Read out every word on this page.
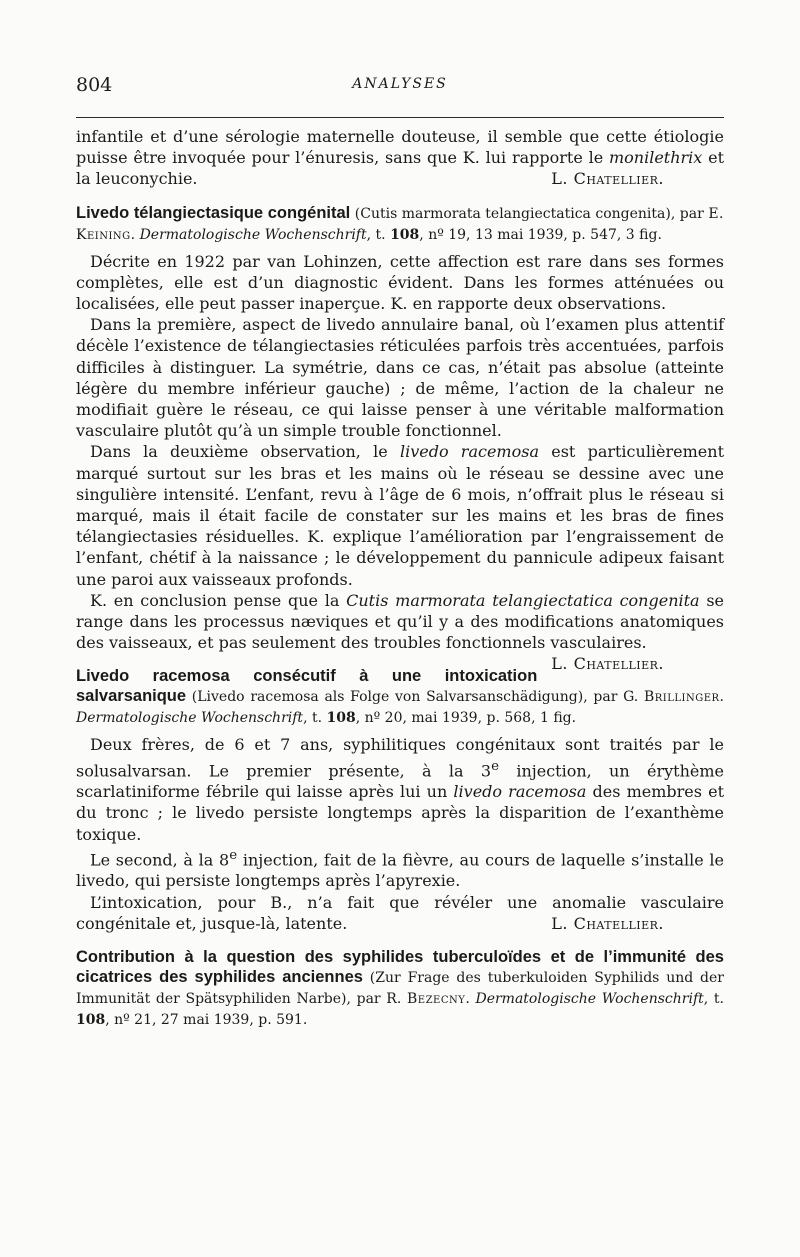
804	ANALYSES

infantile et d’une sérologie maternelle douteuse, il semble que cette étiologie puisse être invoquée pour l’énuresis, sans que K. lui rapporte le monilethrix et la leuconychie.	L. Chatellier.

Livedo télangiectasique congénital (Cutis marmorata telangiectatica congenita), par E. Keining. Dermatologische Wochenschrift, t. 108, nº 19, 13 mai 1939, p. 547, 3 fig.

Décrite en 1922 par van Lohinzen, cette affection est rare dans ses formes complètes, elle est d’un diagnostic évident. Dans les formes atténuées ou localisées, elle peut passer inaperçue. K. en rapporte deux observations.

Dans la première, aspect de livedo annulaire banal, où l’examen plus attentif décèle l’existence de télangiectasies réticulées parfois très accentuées, parfois difficiles à distinguer. La symétrie, dans ce cas, n’était pas absolue (atteinte légère du membre inférieur gauche) ; de même, l’action de la chaleur ne modifiait guère le réseau, ce qui laisse penser à une véritable malformation vasculaire plutôt qu’à un simple trouble fonctionnel.

Dans la deuxième observation, le livedo racemosa est particulièrement marqué surtout sur les bras et les mains où le réseau se dessine avec une singulière intensité. L’enfant, revu à l’âge de 6 mois, n’offrait plus le réseau si marqué, mais il était facile de constater sur les mains et les bras de fines télangiectasies résiduelles. K. explique l’amélioration par l’engraissement de l’enfant, chétif à la naissance ; le développement du pannicule adipeux faisant une paroi aux vaisseaux profonds.

K. en conclusion pense que la Cutis marmorata telangiectatica congenita se range dans les processus næviques et qu’il y a des modifications anatomiques des vaisseaux, et pas seulement des troubles fonctionnels vasculaires.
L. Chatellier.

Livedo racemosa consécutif à une intoxication salvarsanique (Livedo racemosa als Folge von Salvarsanschädigung), par G. Brillinger. Dermatologische Wochenschrift, t. 108, nº 20, mai 1939, p. 568, 1 fig.

Deux frères, de 6 et 7 ans, syphilitiques congénitaux sont traités par le solusalvarsan. Le premier présente, à la 3e injection, un érythème scarlatiniforme fébrile qui laisse après lui un livedo racemosa des membres et du tronc ; le livedo persiste longtemps après la disparition de l’exanthème toxique.

Le second, à la 8e injection, fait de la fièvre, au cours de laquelle s’installe le livedo, qui persiste longtemps après l’apyrexie.

L’intoxication, pour B., n’a fait que révéler une anomalie vasculaire congénitale et, jusque-là, latente.	L. Chatellier.

Contribution à la question des syphilides tuberculoïdes et de l’immunité des cicatrices des syphilides anciennes (Zur Frage des tuberkuloiden Syphilids und der Immunität der Spätsyphiliden Narbe), par R. Bezecny. Dermatologische Wochenschrift, t. 108, nº 21, 27 mai 1939, p. 591.
